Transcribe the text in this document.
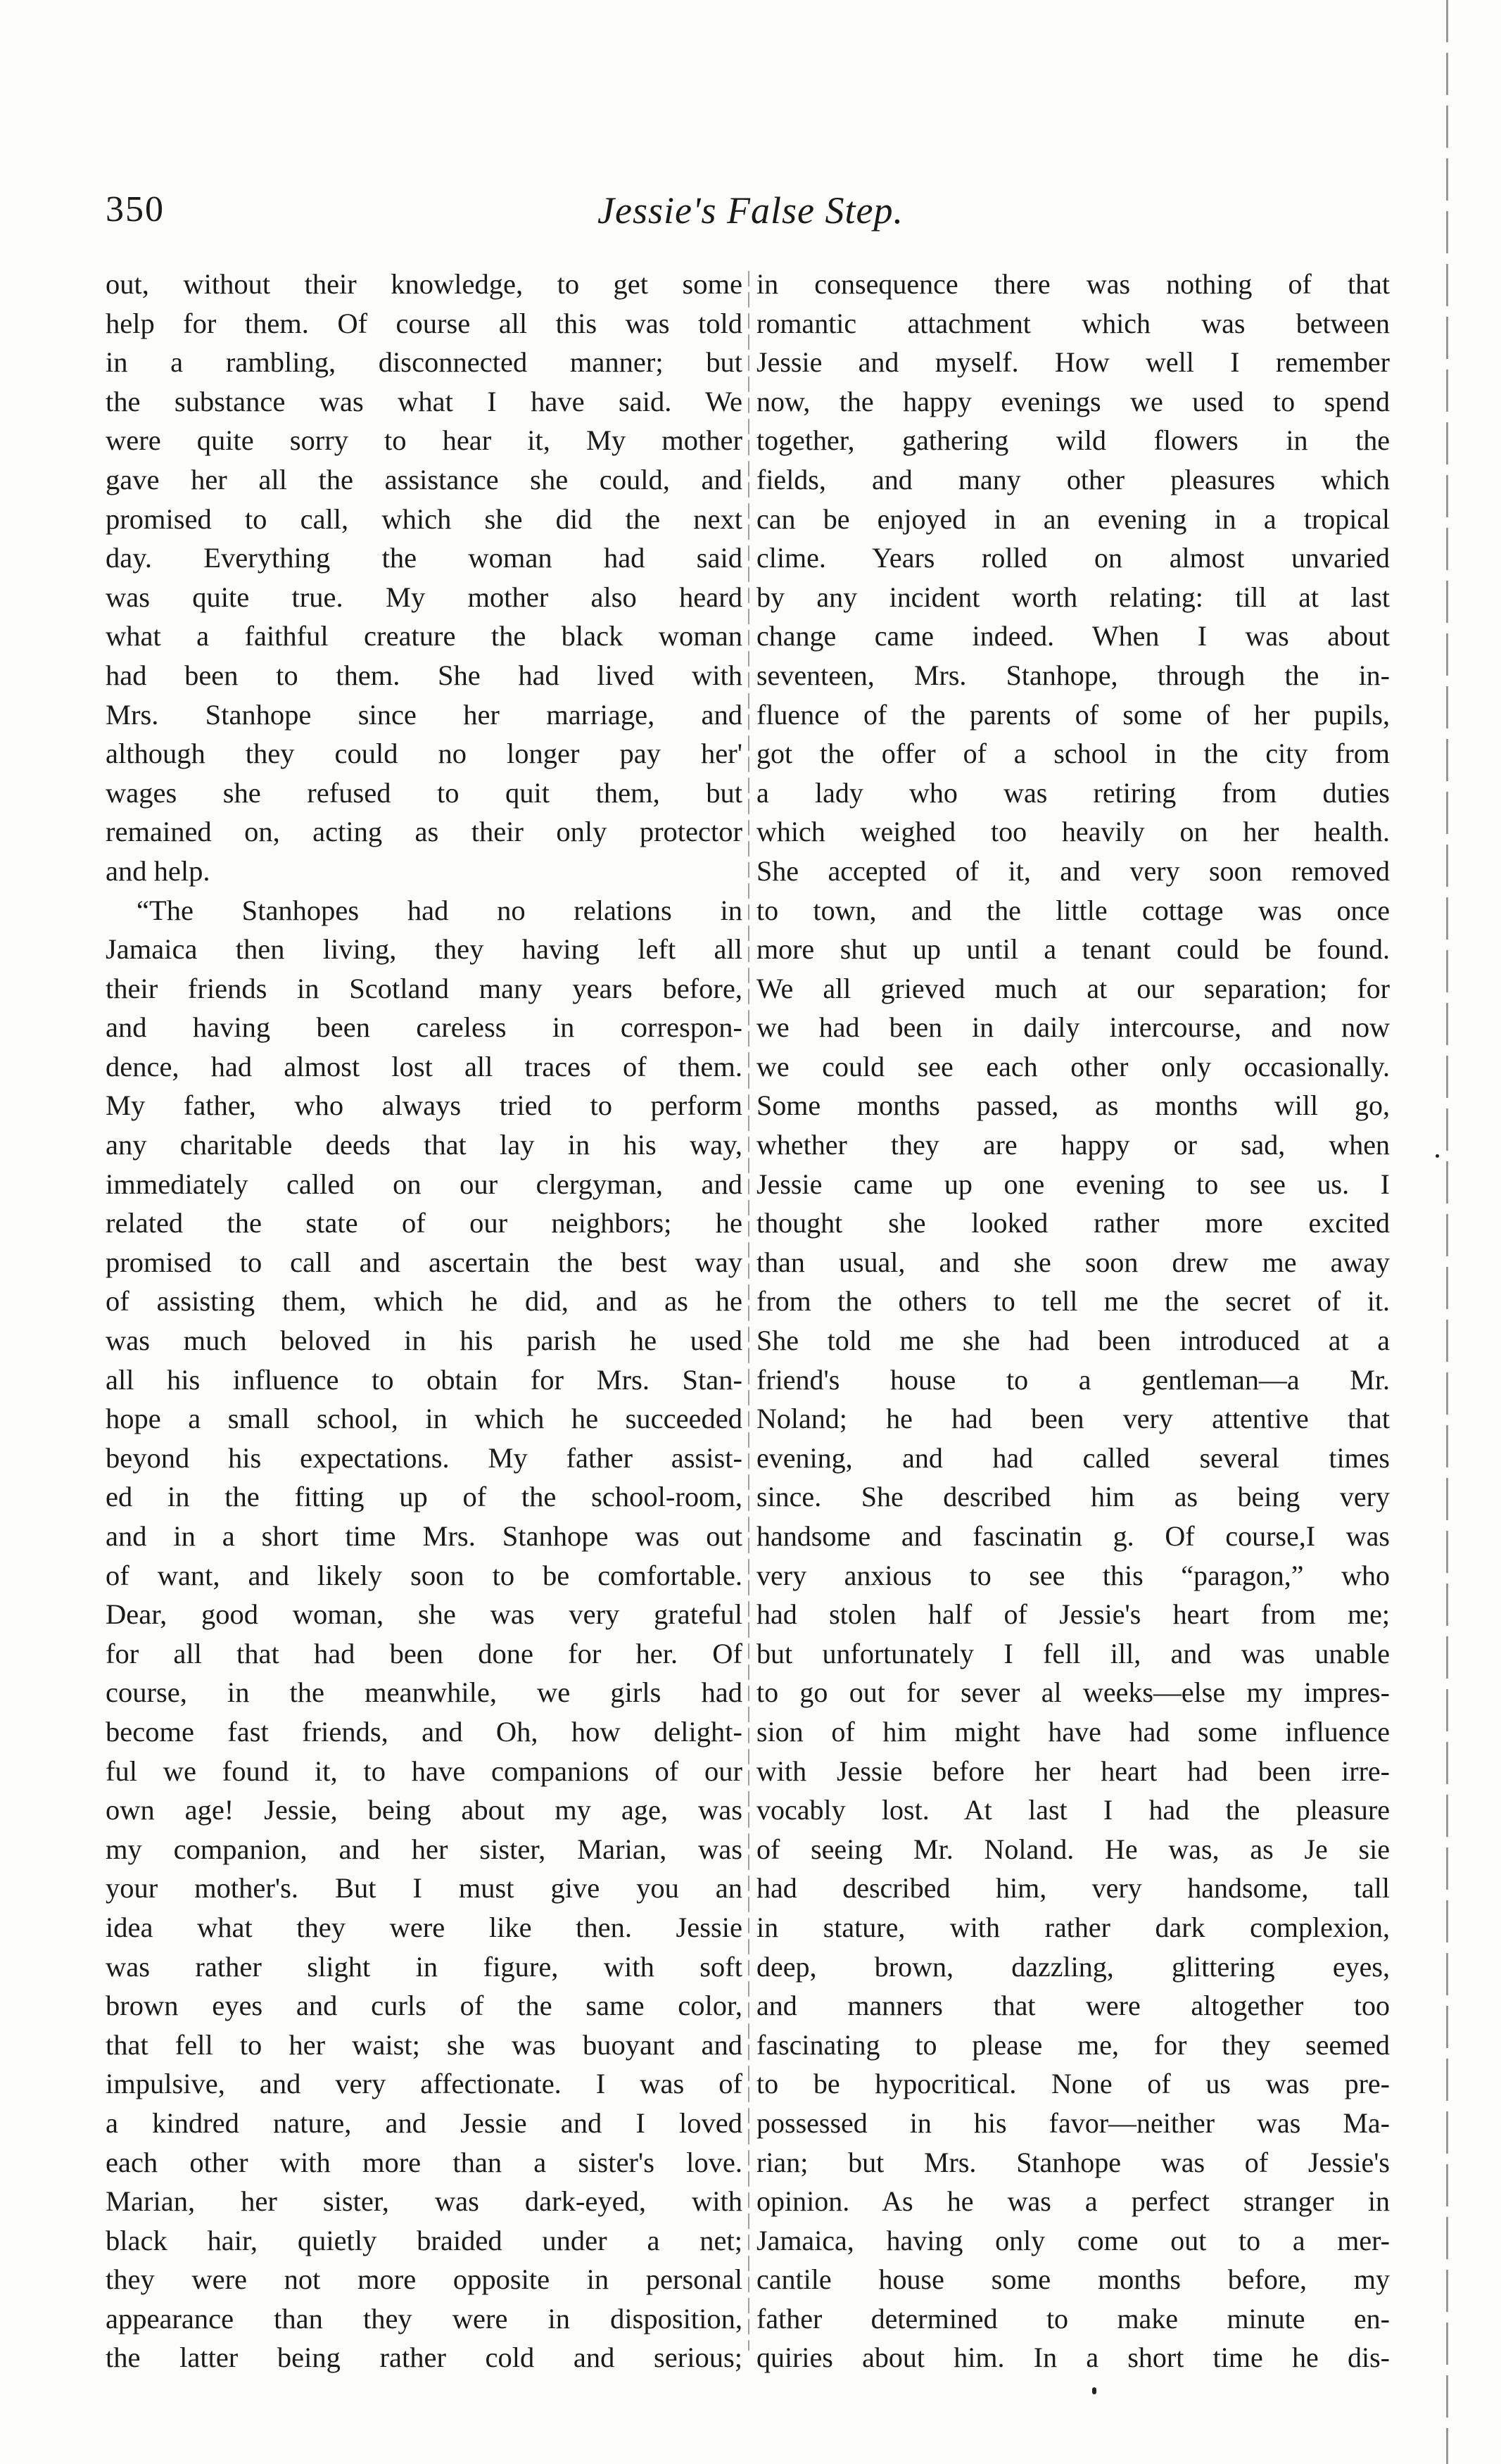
350	Jessie's False Step.
out, without their knowledge, to get some
help for them. Of course all this was told
in a rambling, disconnected manner; but
the substance was what I have said. We
were quite sorry to hear it, My mother
gave her all the assistance she could, and
promised to call, which she did the next
day. Everything the woman had said
was quite true. My mother also heard
what a faithful creature the black woman
had been to them. She had lived with
Mrs. Stanhope since her marriage, and
although they could no longer pay her'
wages she refused to quit them, but
remained on, acting as their only protector
and help.
“The Stanhopes had no relations in
Jamaica then living, they having left all
their friends in Scotland many years before,
and having been careless in correspon-
dence, had almost lost all traces of them.
My father, who always tried to perform
any charitable deeds that lay in his way,
immediately called on our clergyman, and
related the state of our neighbors; he
promised to call and ascertain the best way
of assisting them, which he did, and as he
was much beloved in his parish he used
all his influence to obtain for Mrs. Stan-
hope a small school, in which he succeeded
beyond his expectations. My father assist-
ed in the fitting up of the school-room,
and in a short time Mrs. Stanhope was out
of want, and likely soon to be comfortable.
Dear, good woman, she was very grateful
for all that had been done for her. Of
course, in the meanwhile, we girls had
become fast friends, and Oh, how delight-
ful we found it, to have companions of our
own age! Jessie, being about my age, was
my companion, and her sister, Marian, was
your mother's. But I must give you an
idea what they were like then. Jessie
was rather slight in figure, with soft
brown eyes and curls of the same color,
that fell to her waist; she was buoyant and
impulsive, and very affectionate. I was of
a kindred nature, and Jessie and I loved
each other with more than a sister's love.
Marian, her sister, was dark-eyed, with
black hair, quietly braided under a net;
they were not more opposite in personal
appearance than they were in disposition,
the latter being rather cold and serious;
in consequence there was nothing of that
romantic attachment which was between
Jessie and myself. How well I remember
now, the happy evenings we used to spend
together, gathering wild flowers in the
fields, and many other pleasures which
can be enjoyed in an evening in a tropical
clime. Years rolled on almost unvaried
by any incident worth relating: till at last
change came indeed. When I was about
seventeen, Mrs. Stanhope, through the in-
fluence of the parents of some of her pupils,
got the offer of a school in the city from
a lady who was retiring from duties
which weighed too heavily on her health.
She accepted of it, and very soon removed
to town, and the little cottage was once
more shut up until a tenant could be found.
We all grieved much at our separation; for
we had been in daily intercourse, and now
we could see each other only occasionally.
Some months passed, as months will go,
whether they are happy or sad, when
Jessie came up one evening to see us. I
thought she looked rather more excited
than usual, and she soon drew me away
from the others to tell me the secret of it.
She told me she had been introduced at a
friend's house to a gentleman—a Mr.
Noland; he had been very attentive that
evening, and had called several times
since. She described him as being very
handsome and fascinatin g. Of course,I was
very anxious to see this “paragon,” who
had stolen half of Jessie's heart from me;
but unfortunately I fell ill, and was unable
to go out for sever al weeks—else my impres-
sion of him might have had some influence
with Jessie before her heart had been irre-
vocably lost. At last I had the pleasure
of seeing Mr. Noland. He was, as Je sie
had described him, very handsome, tall
in stature, with rather dark complexion,
deep, brown, dazzling, glittering eyes,
and manners that were altogether too
fascinating to please me, for they seemed
to be hypocritical. None of us was pre-
possessed in his favor—neither was Ma-
rian; but Mrs. Stanhope was of Jessie's
opinion. As he was a perfect stranger in
Jamaica, having only come out to a mer-
cantile house some months before, my
father determined to make minute en-
quiries about him. In a short time he dis-
